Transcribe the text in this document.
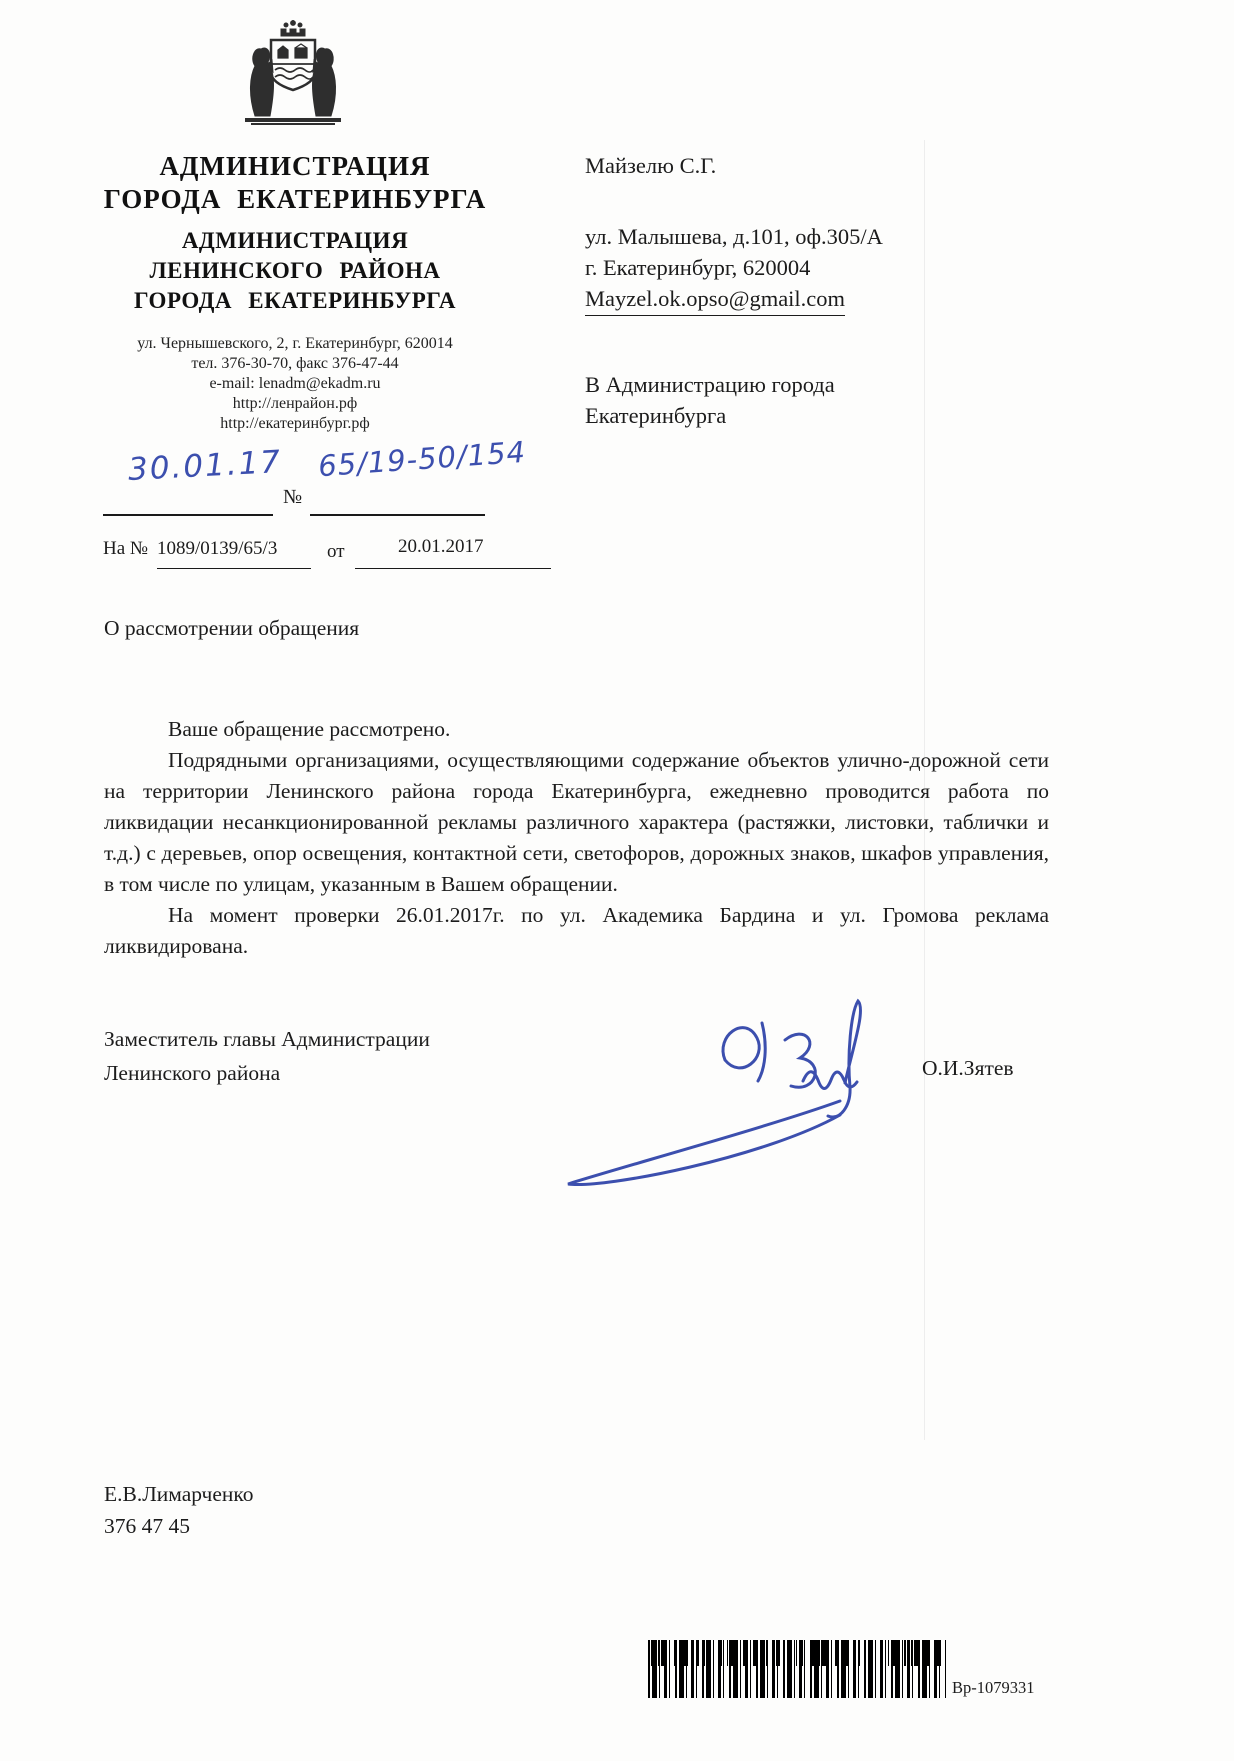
АДМИНИСТРАЦИЯ
ГОРОДА ЕКАТЕРИНБУРГА
АДМИНИСТРАЦИЯ
ЛЕНИНСКОГО РАЙОНА
ГОРОДА ЕКАТЕРИНБУРГА
ул. Чернышевского, 2, г. Екатеринбург, 620014
тел. 376-30-70, факс 376-47-44
e-mail: lenadm@ekadm.ru
http://ленрайон.рф
http://екатеринбург.рф
30.01.17
№
65/19-50/154
На № 1089/0139/65/3	от	20.01.2017
Майзелю С.Г.
ул. Малышева, д.101, оф.305/А
г. Екатеринбург, 620004
Mayzel.ok.opso@gmail.com
В Администрацию города
Екатеринбурга
О рассмотрении обращения

Ваше обращение рассмотрено.

Подрядными организациями, осуществляющими содержание объектов улично-дорожной сети на территории Ленинского района города Екатеринбурга, ежедневно проводится работа по ликвидации несанкционированной рекламы различного характера (растяжки, листовки, таблички и т.д.) с деревьев, опор освещения, контактной сети, светофоров, дорожных знаков, шкафов управления, в том числе по улицам, указанным в Вашем обращении.

На момент проверки 26.01.2017г. по ул. Академика Бардина и ул. Громова реклама ликвидирована.

Заместитель главы Администрации
Ленинского района	О.И.Зятев
Е.В.Лимарченко
376 47 45
Вр-1079331
